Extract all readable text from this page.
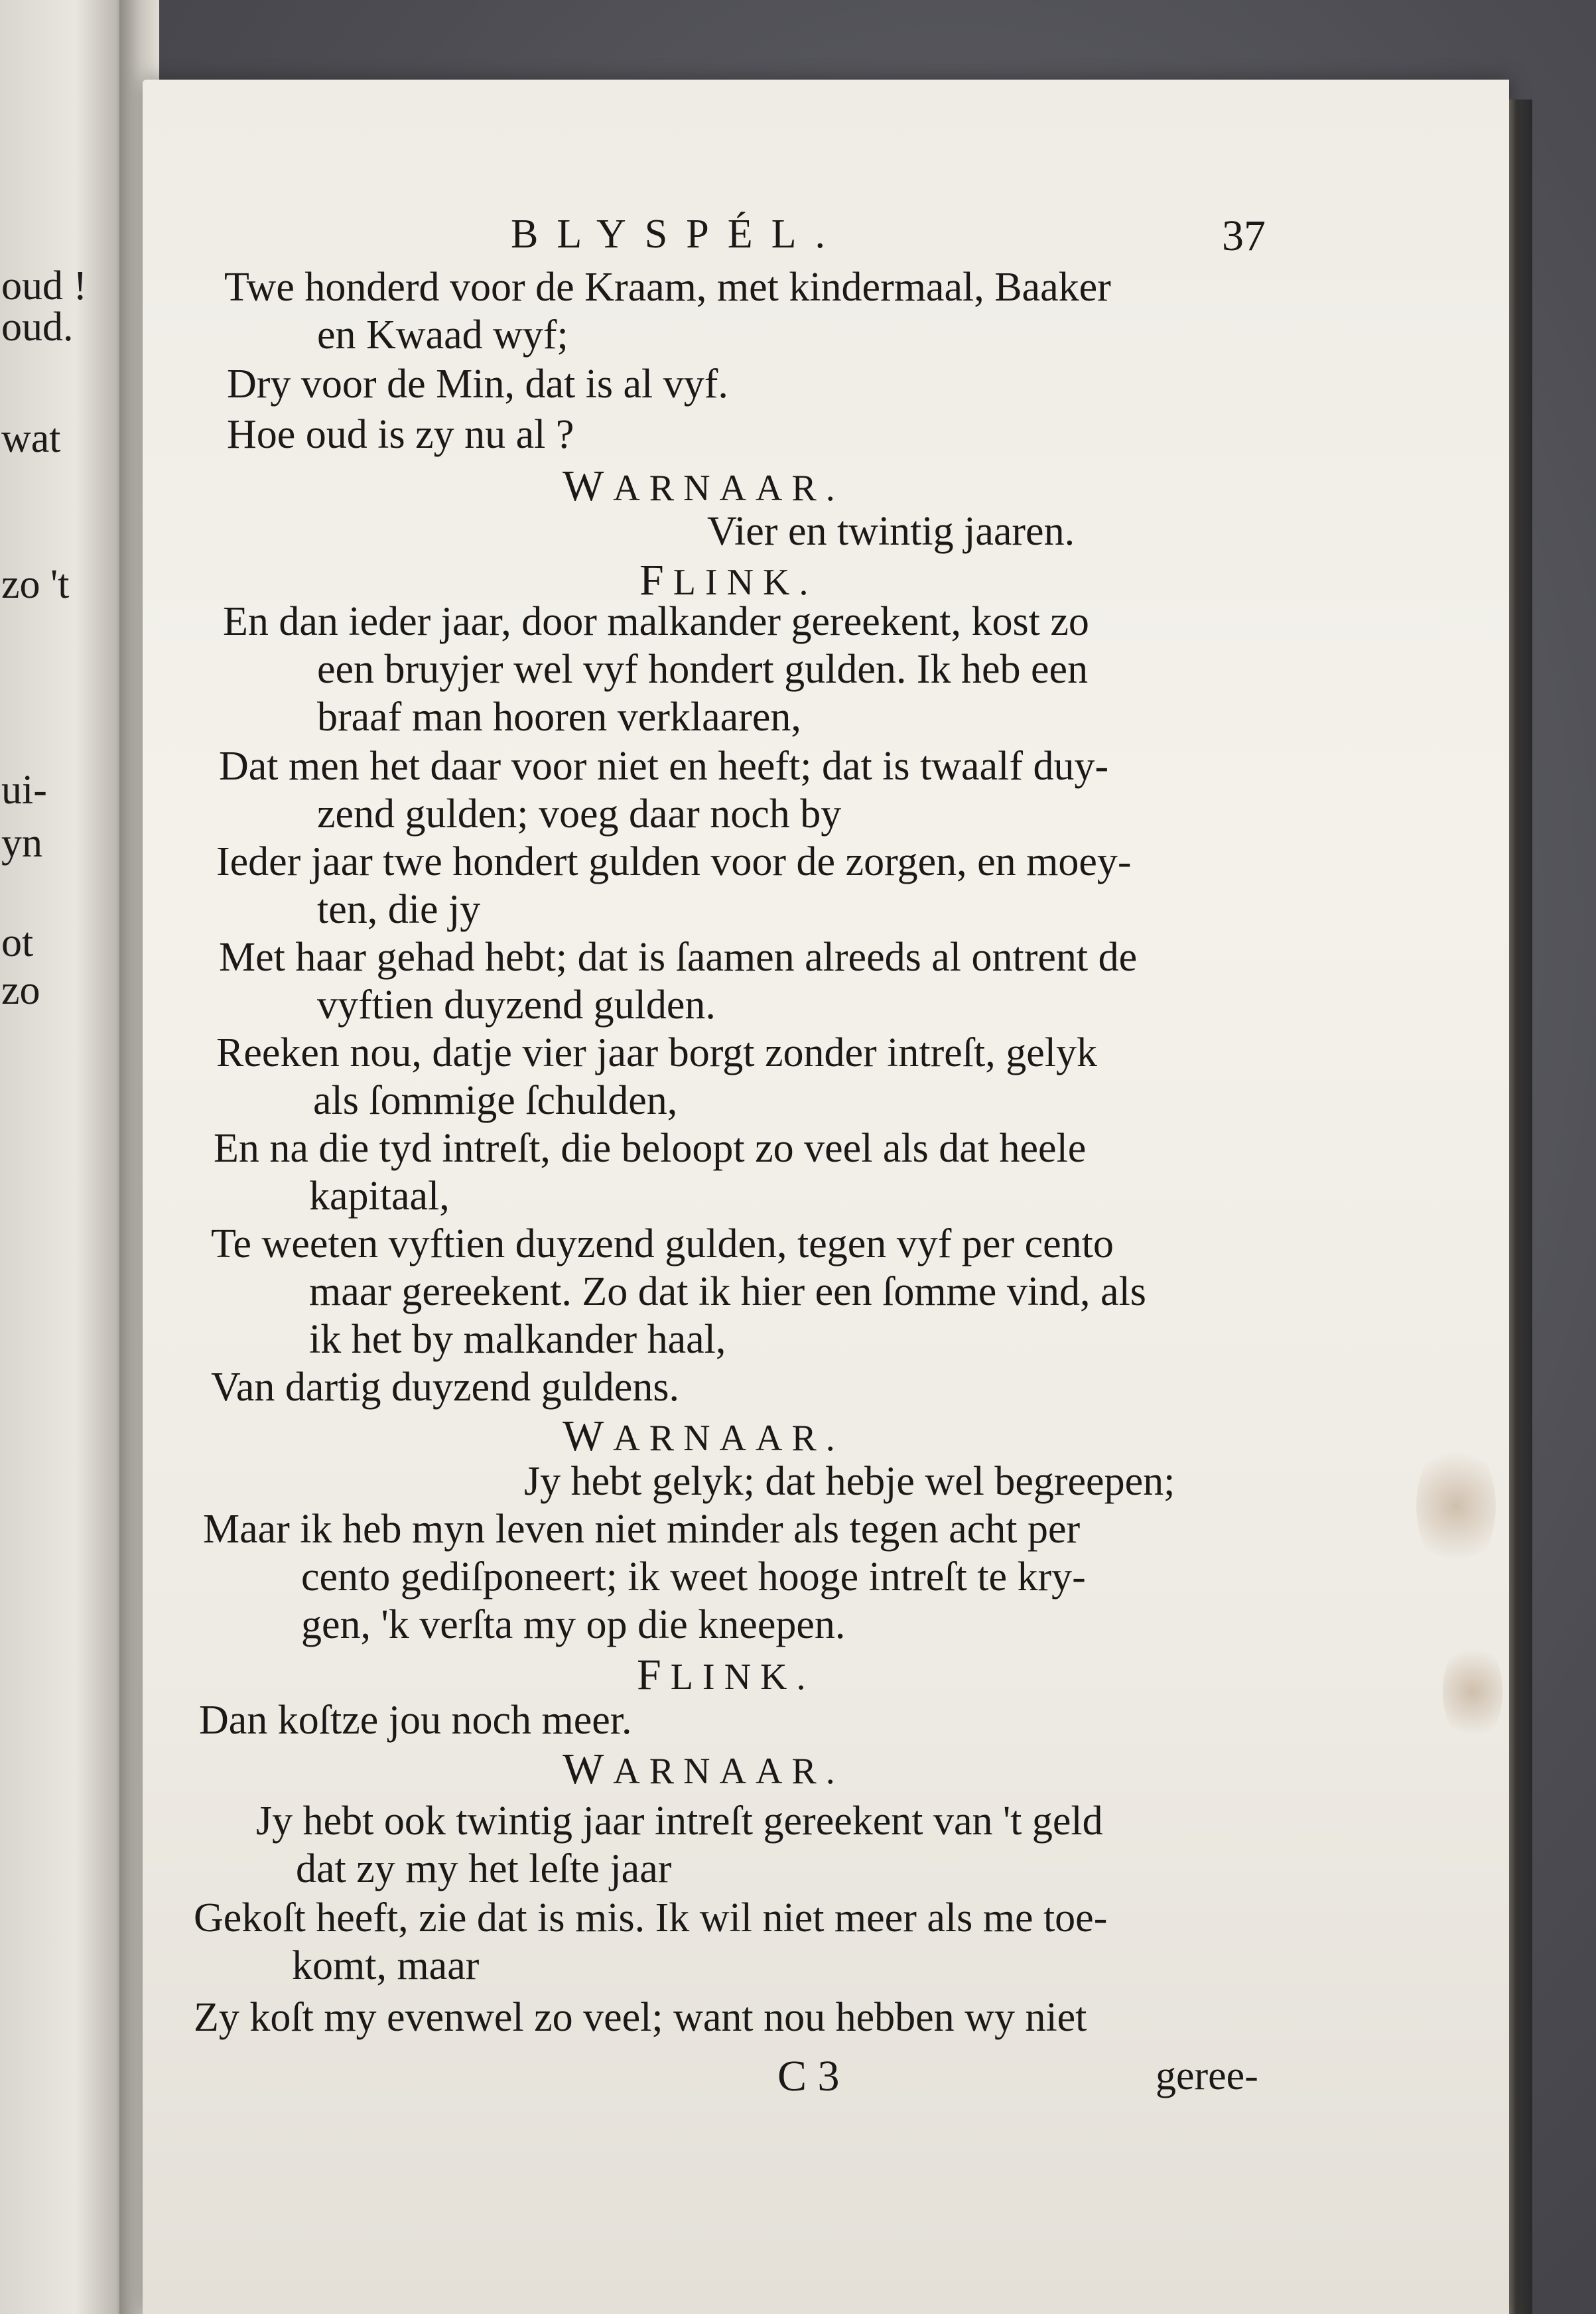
oud !
oud.
wat
zo 't
ui-
yn
ot
zo
BLYSPÉL.	37
Twe honderd voor de Kraam, met kindermaal, Baaker
en Kwaad wyf;
Dry voor de Min, dat is al vyf.
Hoe oud is zy nu al ?
WARNAAR.
Vier en twintig jaaren.
FLINK.
En dan ieder jaar, door malkander gereekent, kost zo
een bruyjer wel vyf hondert gulden. Ik heb een
braaf man hooren verklaaren,
Dat men het daar voor niet en heeft; dat is twaalf duy-
zend gulden; voeg daar noch by
Ieder jaar twe hondert gulden voor de zorgen, en moey-
ten, die jy
Met haar gehad hebt; dat is ſaamen alreeds al ontrent de
vyftien duyzend gulden.
Reeken nou, datje vier jaar borgt zonder intreſt, gelyk
als ſommige ſchulden,
En na die tyd intreſt, die beloopt zo veel als dat heele
kapitaal,
Te weeten vyftien duyzend gulden, tegen vyf per cento
maar gereekent. Zo dat ik hier een ſomme vind, als
ik het by malkander haal,
Van dartig duyzend guldens.
WARNAAR.
Jy hebt gelyk; dat hebje wel begreepen;
Maar ik heb myn leven niet minder als tegen acht per
cento gediſponeert; ik weet hooge intreſt te kry-
gen, 'k verſta my op die kneepen.
FLINK.
Dan koſtze jou noch meer.
WARNAAR.
Jy hebt ook twintig jaar intreſt gereekent van 't geld
dat zy my het leſte jaar
Gekoſt heeft, zie dat is mis. Ik wil niet meer als me toe-
komt, maar
Zy koſt my evenwel zo veel; want nou hebben wy niet
C 3	geree-
